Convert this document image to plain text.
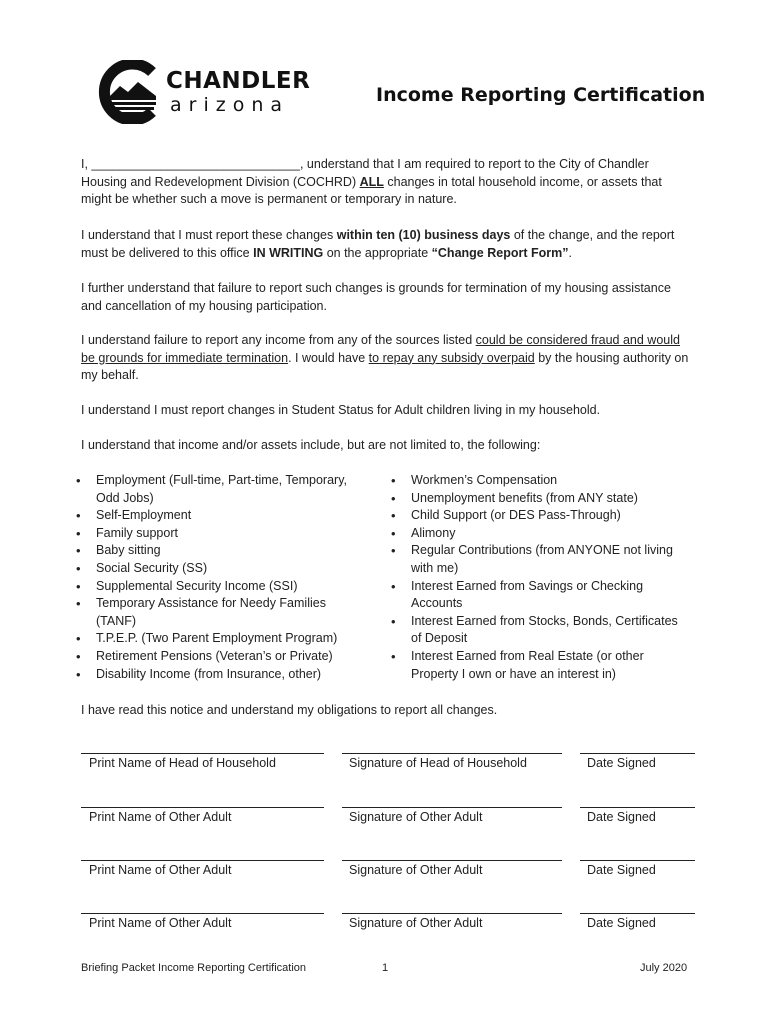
CHANDLER
arizona	Income Reporting Certification
I, ______________________________, understand that I am required to report to the City of Chandler Housing and Redevelopment Division (COCHRD) ALL changes in total household income, or assets that might be whether such a move is permanent or temporary in nature.
I understand that I must report these changes within ten (10) business days of the change, and the report must be delivered to this office IN WRITING on the appropriate “Change Report Form”.
I further understand that failure to report such changes is grounds for termination of my housing assistance and cancellation of my housing participation.
I understand failure to report any income from any of the sources listed could be considered fraud and would be grounds for immediate termination. I would have to repay any subsidy overpaid by the housing authority on my behalf.
I understand I must report changes in Student Status for Adult children living in my household.
I understand that income and/or assets include, but are not limited to, the following:
• Employment (Full-time, Part-time, Temporary, Odd Jobs)
• Self-Employment
• Family support
• Baby sitting
• Social Security (SS)
• Supplemental Security Income (SSI)
• Temporary Assistance for Needy Families (TANF)
• T.P.E.P. (Two Parent Employment Program)
• Retirement Pensions (Veteran’s or Private)
• Disability Income (from Insurance, other)
• Workmen’s Compensation
• Unemployment benefits (from ANY state)
• Child Support (or DES Pass-Through)
• Alimony
• Regular Contributions (from ANYONE not living with me)
• Interest Earned from Savings or Checking Accounts
• Interest Earned from Stocks, Bonds, Certificates of Deposit
• Interest Earned from Real Estate (or other Property I own or have an interest in)
I have read this notice and understand my obligations to report all changes.
Print Name of Head of Household	Signature of Head of Household	Date Signed
Print Name of Other Adult	Signature of Other Adult	Date Signed
Print Name of Other Adult	Signature of Other Adult	Date Signed
Print Name of Other Adult	Signature of Other Adult	Date Signed
Briefing Packet Income Reporting Certification	1	July 2020
